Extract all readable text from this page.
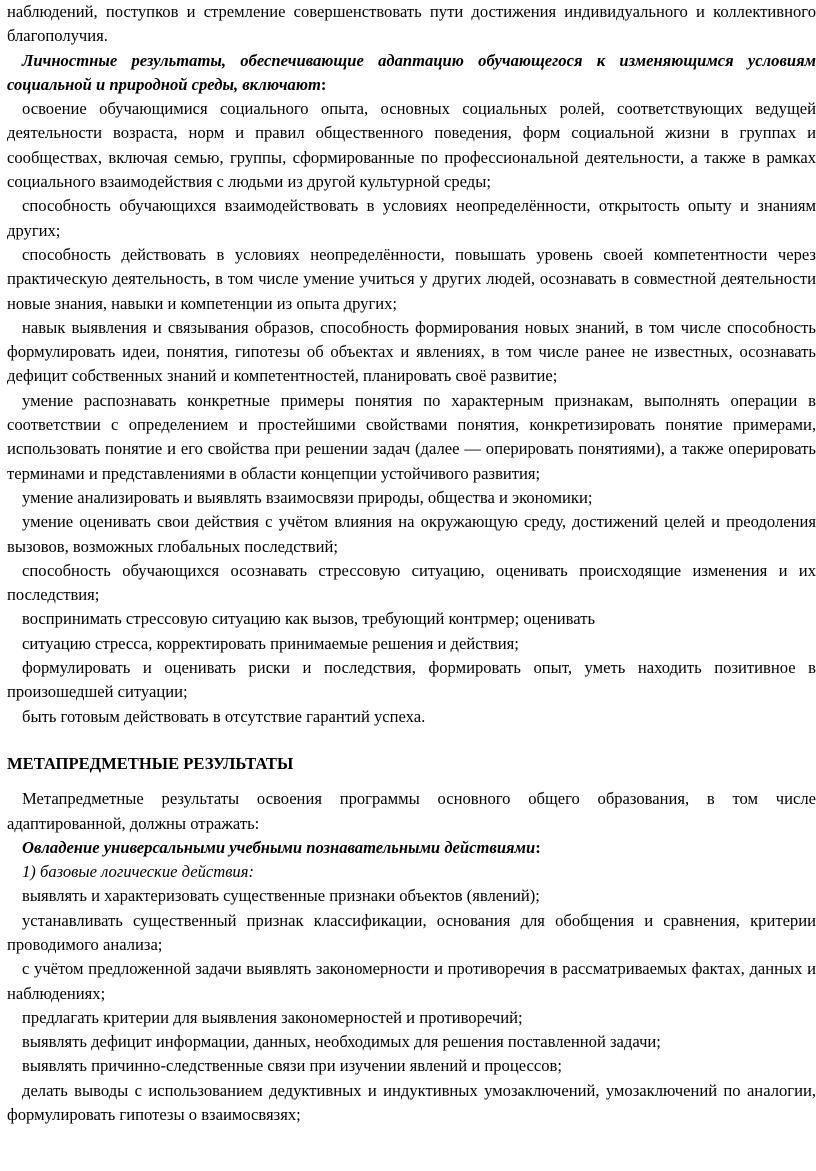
наблюдений, поступков и стремление совершенствовать пути достижения индивидуального и коллективного благополучия.

Личностные результаты, обеспечивающие адаптацию обучающегося к изменяющимся условиям социальной и природной среды, включают:

освоение обучающимися социального опыта, основных социальных ролей, соответствующих ведущей деятельности возраста, норм и правил общественного поведения, форм социальной жизни в группах и сообществах, включая семью, группы, сформированные по профессиональной деятельности, а также в рамках социального взаимодействия с людьми из другой культурной среды;

способность обучающихся взаимодействовать в условиях неопределённости, открытость опыту и знаниям других;

способность действовать в условиях неопределённости, повышать уровень своей компетентности через практическую деятельность, в том числе умение учиться у других людей, осознавать в совместной деятельности новые знания, навыки и компетенции из опыта других;

навык выявления и связывания образов, способность формирования новых знаний, в том числе способность формулировать идеи, понятия, гипотезы об объектах и явлениях, в том числе ранее не известных, осознавать дефицит собственных знаний и компетентностей, планировать своё развитие;

умение распознавать конкретные примеры понятия по характерным признакам, выполнять операции в соответствии с определением и простейшими свойствами понятия, конкретизировать понятие примерами, использовать понятие и его свойства при решении задач (далее — оперировать понятиями), а также оперировать терминами и представлениями в области концепции устойчивого развития;

умение анализировать и выявлять взаимосвязи природы, общества и экономики;

умение оценивать свои действия с учётом влияния на окружающую среду, достижений целей и преодоления вызовов, возможных глобальных последствий;

способность обучающихся осознавать стрессовую ситуацию, оценивать происходящие изменения и их последствия;

воспринимать стрессовую ситуацию как вызов, требующий контрмер; оценивать

ситуацию стресса, корректировать принимаемые решения и действия;

формулировать и оценивать риски и последствия, формировать опыт, уметь находить позитивное в произошедшей ситуации;

быть готовым действовать в отсутствие гарантий успеха.

МЕТАПРЕДМЕТНЫЕ РЕЗУЛЬТАТЫ

Метапредметные результаты освоения программы основного общего образования, в том числе адаптированной, должны отражать:

Овладение универсальными учебными познавательными действиями:

1) базовые логические действия:

выявлять и характеризовать существенные признаки объектов (явлений);

устанавливать существенный признак классификации, основания для обобщения и сравнения, критерии проводимого анализа;

с учётом предложенной задачи выявлять закономерности и противоречия в рассматриваемых фактах, данных и наблюдениях;

предлагать критерии для выявления закономерностей и противоречий;

выявлять дефицит информации, данных, необходимых для решения поставленной задачи;

выявлять причинно-следственные связи при изучении явлений и процессов;

делать выводы с использованием дедуктивных и индуктивных умозаключений, умозаключений по аналогии, формулировать гипотезы о взаимосвязях;
